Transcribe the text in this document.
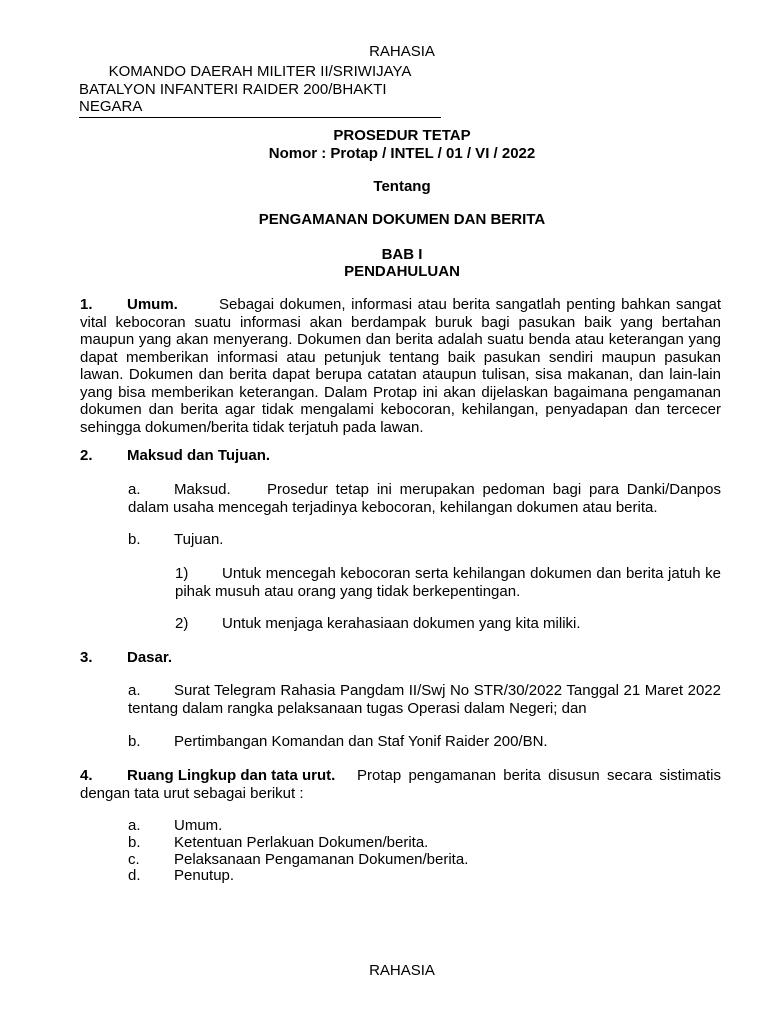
RAHASIA
KOMANDO DAERAH MILITER II/SRIWIJAYA
BATALYON INFANTERI RAIDER 200/BHAKTI NEGARA
PROSEDUR TETAP
Nomor : Protap / INTEL / 01 / VI / 2022
Tentang
PENGAMANAN DOKUMEN DAN BERITA
BAB I
PENDAHULUAN
1. Umum.	Sebagai dokumen, informasi atau berita sangatlah penting bahkan sangat vital kebocoran suatu informasi akan berdampak buruk bagi pasukan baik yang bertahan maupun yang akan menyerang. Dokumen dan berita adalah suatu benda atau keterangan yang dapat memberikan informasi atau petunjuk tentang baik pasukan sendiri maupun pasukan lawan. Dokumen dan berita dapat berupa catatan ataupun tulisan, sisa makanan, dan lain-lain yang bisa memberikan keterangan. Dalam Protap ini akan dijelaskan bagaimana pengamanan dokumen dan berita agar tidak mengalami kebocoran, kehilangan, penyadapan dan tercecer sehingga dokumen/berita tidak terjatuh pada lawan.
2. Maksud dan Tujuan.
a. Maksud. Prosedur tetap ini merupakan pedoman bagi para Danki/Danpos dalam usaha mencegah terjadinya kebocoran, kehilangan dokumen atau berita.
b. Tujuan.
1) Untuk mencegah kebocoran serta kehilangan dokumen dan berita jatuh ke pihak musuh atau orang yang tidak berkepentingan.
2) Untuk menjaga kerahasiaan dokumen yang kita miliki.
3. Dasar.
a. Surat Telegram Rahasia Pangdam II/Swj No STR/30/2022 Tanggal 21 Maret 2022 tentang dalam rangka pelaksanaan tugas Operasi dalam Negeri; dan
b. Pertimbangan Komandan dan Staf Yonif Raider 200/BN.
4. Ruang Lingkup dan tata urut. Protap pengamanan berita disusun secara sistimatis dengan tata urut sebagai berikut :
a. Umum.
b. Ketentuan Perlakuan Dokumen/berita.
c. Pelaksanaan Pengamanan Dokumen/berita.
d. Penutup.
RAHASIA
